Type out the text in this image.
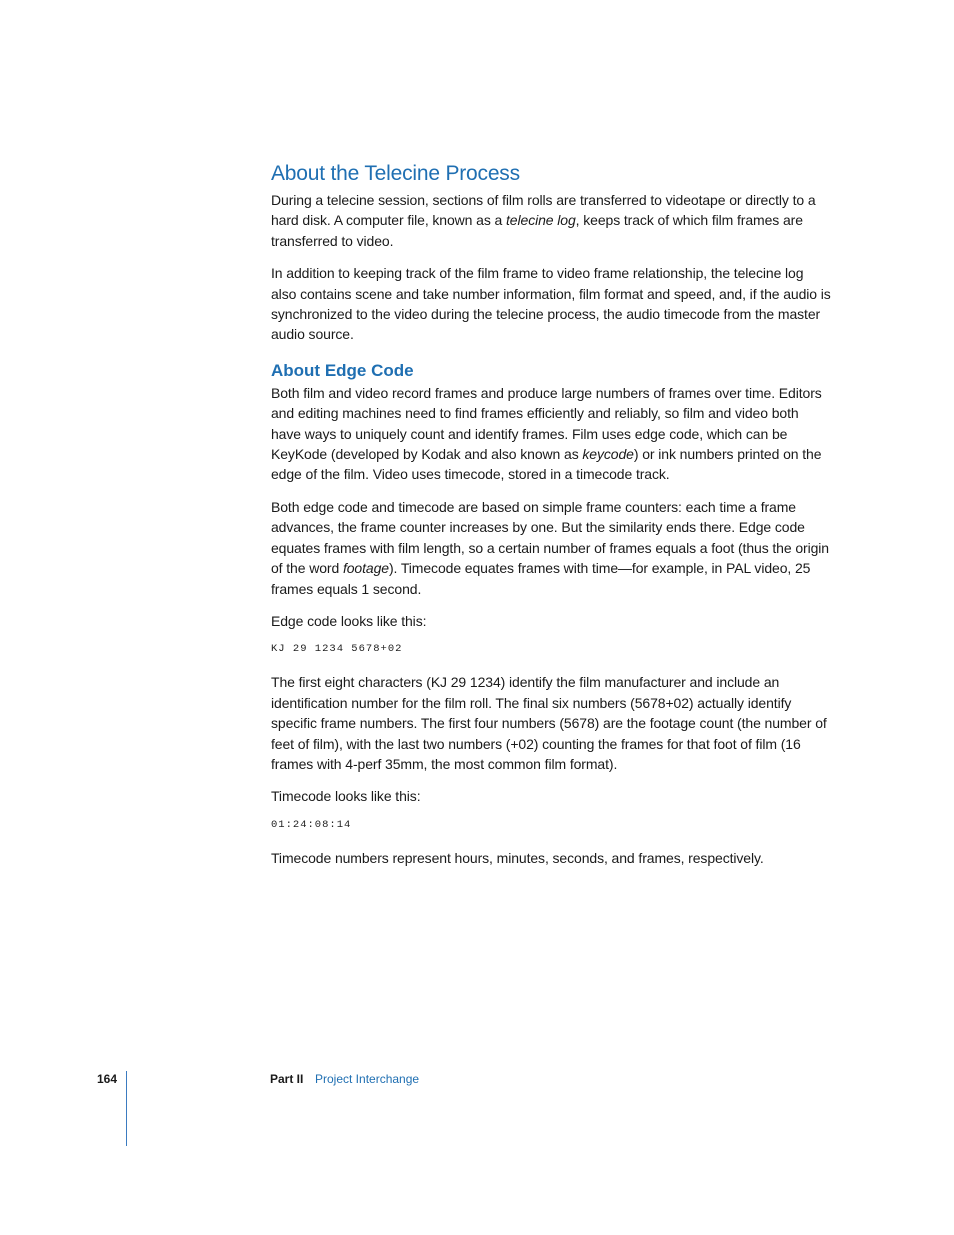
About the Telecine Process

During a telecine session, sections of film rolls are transferred to videotape or directly to a hard disk. A computer file, known as a telecine log, keeps track of which film frames are transferred to video.

In addition to keeping track of the film frame to video frame relationship, the telecine log also contains scene and take number information, film format and speed, and, if the audio is synchronized to the video during the telecine process, the audio timecode from the master audio source.

About Edge Code

Both film and video record frames and produce large numbers of frames over time. Editors and editing machines need to find frames efficiently and reliably, so film and video both have ways to uniquely count and identify frames. Film uses edge code, which can be KeyKode (developed by Kodak and also known as keycode) or ink numbers printed on the edge of the film. Video uses timecode, stored in a timecode track.

Both edge code and timecode are based on simple frame counters: each time a frame advances, the frame counter increases by one. But the similarity ends there. Edge code equates frames with film length, so a certain number of frames equals a foot (thus the origin of the word footage). Timecode equates frames with time—for example, in PAL video, 25 frames equals 1 second.

Edge code looks like this:

KJ 29 1234 5678+02

The first eight characters (KJ 29 1234) identify the film manufacturer and include an identification number for the film roll. The final six numbers (5678+02) actually identify specific frame numbers. The first four numbers (5678) are the footage count (the number of feet of film), with the last two numbers (+02) counting the frames for that foot of film (16 frames with 4-perf 35mm, the most common film format).

Timecode looks like this:

01:24:08:14

Timecode numbers represent hours, minutes, seconds, and frames, respectively.

164	Part II Project Interchange
